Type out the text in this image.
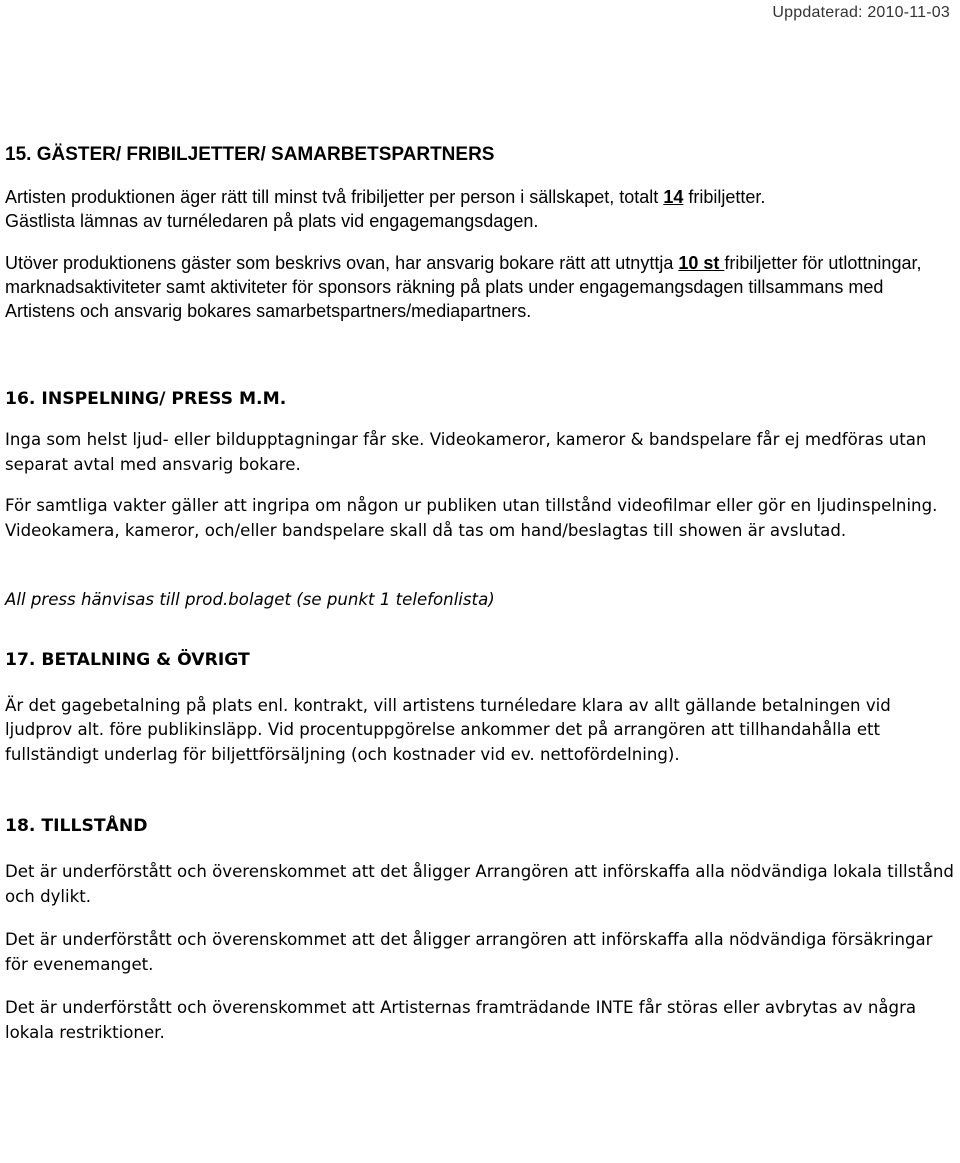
Uppdaterad: 2010-11-03
15. GÄSTER/ FRIBILJETTER/ SAMARBETSPARTNERS

Artisten produktionen äger rätt till minst två fribiljetter per person i sällskapet, totalt 14 fribiljetter.
Gästlista lämnas av turnéledaren på plats vid engagemangsdagen.

Utöver produktionens gäster som beskrivs ovan, har ansvarig bokare rätt att utnyttja 10 st fribiljetter för utlottningar, marknadsaktiviteter samt aktiviteter för sponsors räkning på plats under engagemangsdagen tillsammans med Artistens och ansvarig bokares samarbetspartners/mediapartners.

16. INSPELNING/ PRESS M.M.

Inga som helst ljud- eller bildupptagningar får ske. Videokameror, kameror & bandspelare får ej medföras utan separat avtal med ansvarig bokare.

För samtliga vakter gäller att ingripa om någon ur publiken utan tillstånd videofilmar eller gör en ljudinspelning. Videokamera, kameror, och/eller bandspelare skall då tas om hand/beslagtas till showen är avslutad.

All press hänvisas till prod.bolaget (se punkt 1 telefonlista)

17. BETALNING & ÖVRIGT

Är det gagebetalning på plats enl. kontrakt, vill artistens turnéledare klara av allt gällande betalningen vid ljudprov alt. före publikinsläpp. Vid procentuppgörelse ankommer det på arrangören att tillhandahålla ett fullständigt underlag för biljettförsäljning (och kostnader vid ev. nettofördelning).

18. TILLSTÅND

Det är underförstått och överenskommet att det åligger Arrangören att införskaffa alla nödvändiga lokala tillstånd och dylikt.

Det är underförstått och överenskommet att det åligger arrangören att införskaffa alla nödvändiga försäkringar för evenemanget.

Det är underförstått och överenskommet att Artisternas framträdande INTE får störas eller avbrytas av några lokala restriktioner.
